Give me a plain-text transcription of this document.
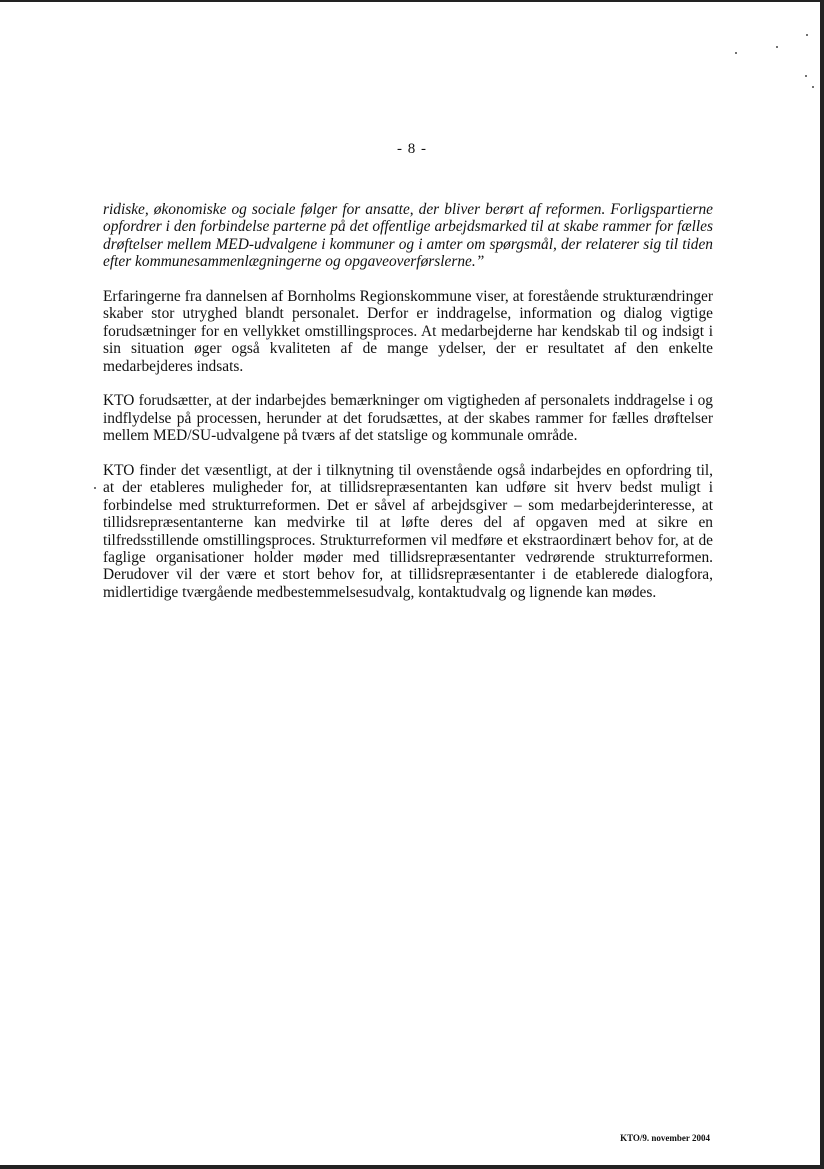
- 8 -

ridiske, økonomiske og sociale følger for ansatte, der bliver berørt af reformen. Forligspartierne opfordrer i den forbindelse parterne på det offentlige arbejdsmarked til at skabe rammer for fælles drøftelser mellem MED-udvalgene i kommuner og i amter om spørgsmål, der relaterer sig til tiden efter kommunesammenlægningerne og opgaveoverførslerne.”

Erfaringerne fra dannelsen af Bornholms Regionskommune viser, at forestående strukturændringer skaber stor utryghed blandt personalet. Derfor er inddragelse, information og dialog vigtige forudsætninger for en vellykket omstillingsproces. At medarbejderne har kendskab til og indsigt i sin situation øger også kvaliteten af de mange ydelser, der er resultatet af den enkelte medarbejderes indsats.

KTO forudsætter, at der indarbejdes bemærkninger om vigtigheden af personalets inddragelse i og indflydelse på processen, herunder at det forudsættes, at der skabes rammer for fælles drøftelser mellem MED/SU-udvalgene på tværs af det statslige og kommunale område.

KTO finder det væsentligt, at der i tilknytning til ovenstående også indarbejdes en opfordring til, at der etableres muligheder for, at tillidsrepræsentanten kan udføre sit hverv bedst muligt i forbindelse med strukturreformen. Det er såvel af arbejdsgiver – som medarbejderinteresse, at tillidsrepræsentanterne kan medvirke til at løfte deres del af opgaven med at sikre en tilfredsstillende omstillingsproces. Strukturreformen vil medføre et ekstraordinært behov for, at de faglige organisationer holder møder med tillidsrepræsentanter vedrørende strukturreformen. Derudover vil der være et stort behov for, at tillidsrepræsentanter i de etablerede dialogfora, midlertidige tværgående medbestemmelsesudvalg, kontaktudvalg og lignende kan mødes.

KTO/9. november 2004
